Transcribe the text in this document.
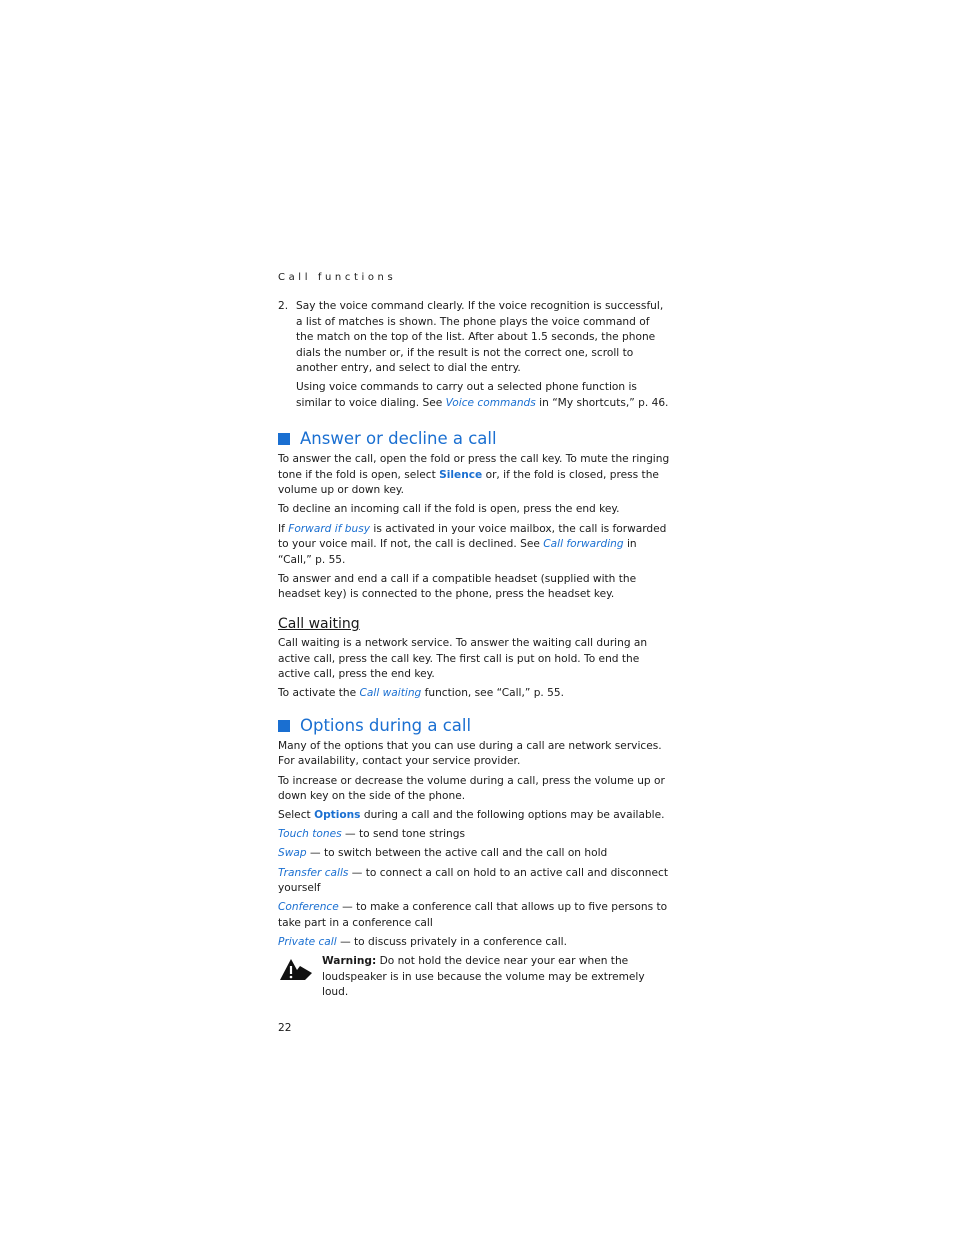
Call functions
2. Say the voice command clearly. If the voice recognition is successful, a list of matches is shown. The phone plays the voice command of the match on the top of the list. After about 1.5 seconds, the phone dials the number or, if the result is not the correct one, scroll to another entry, and select to dial the entry.

Using voice commands to carry out a selected phone function is similar to voice dialing. See Voice commands in “My shortcuts,” p. 46.

Answer or decline a call

To answer the call, open the fold or press the call key. To mute the ringing tone if the fold is open, select Silence or, if the fold is closed, press the volume up or down key.

To decline an incoming call if the fold is open, press the end key.

If Forward if busy is activated in your voice mailbox, the call is forwarded to your voice mail. If not, the call is declined. See Call forwarding in “Call,” p. 55.

To answer and end a call if a compatible headset (supplied with the headset key) is connected to the phone, press the headset key.

Call waiting

Call waiting is a network service. To answer the waiting call during an active call, press the call key. The first call is put on hold. To end the active call, press the end key.

To activate the Call waiting function, see “Call,” p. 55.

Options during a call

Many of the options that you can use during a call are network services. For availability, contact your service provider.

To increase or decrease the volume during a call, press the volume up or down key on the side of the phone.

Select Options during a call and the following options may be available.

Touch tones — to send tone strings

Swap — to switch between the active call and the call on hold

Transfer calls — to connect a call on hold to an active call and disconnect yourself

Conference — to make a conference call that allows up to five persons to take part in a conference call

Private call — to discuss privately in a conference call.

Warning: Do not hold the device near your ear when the loudspeaker is in use because the volume may be extremely loud.

22
